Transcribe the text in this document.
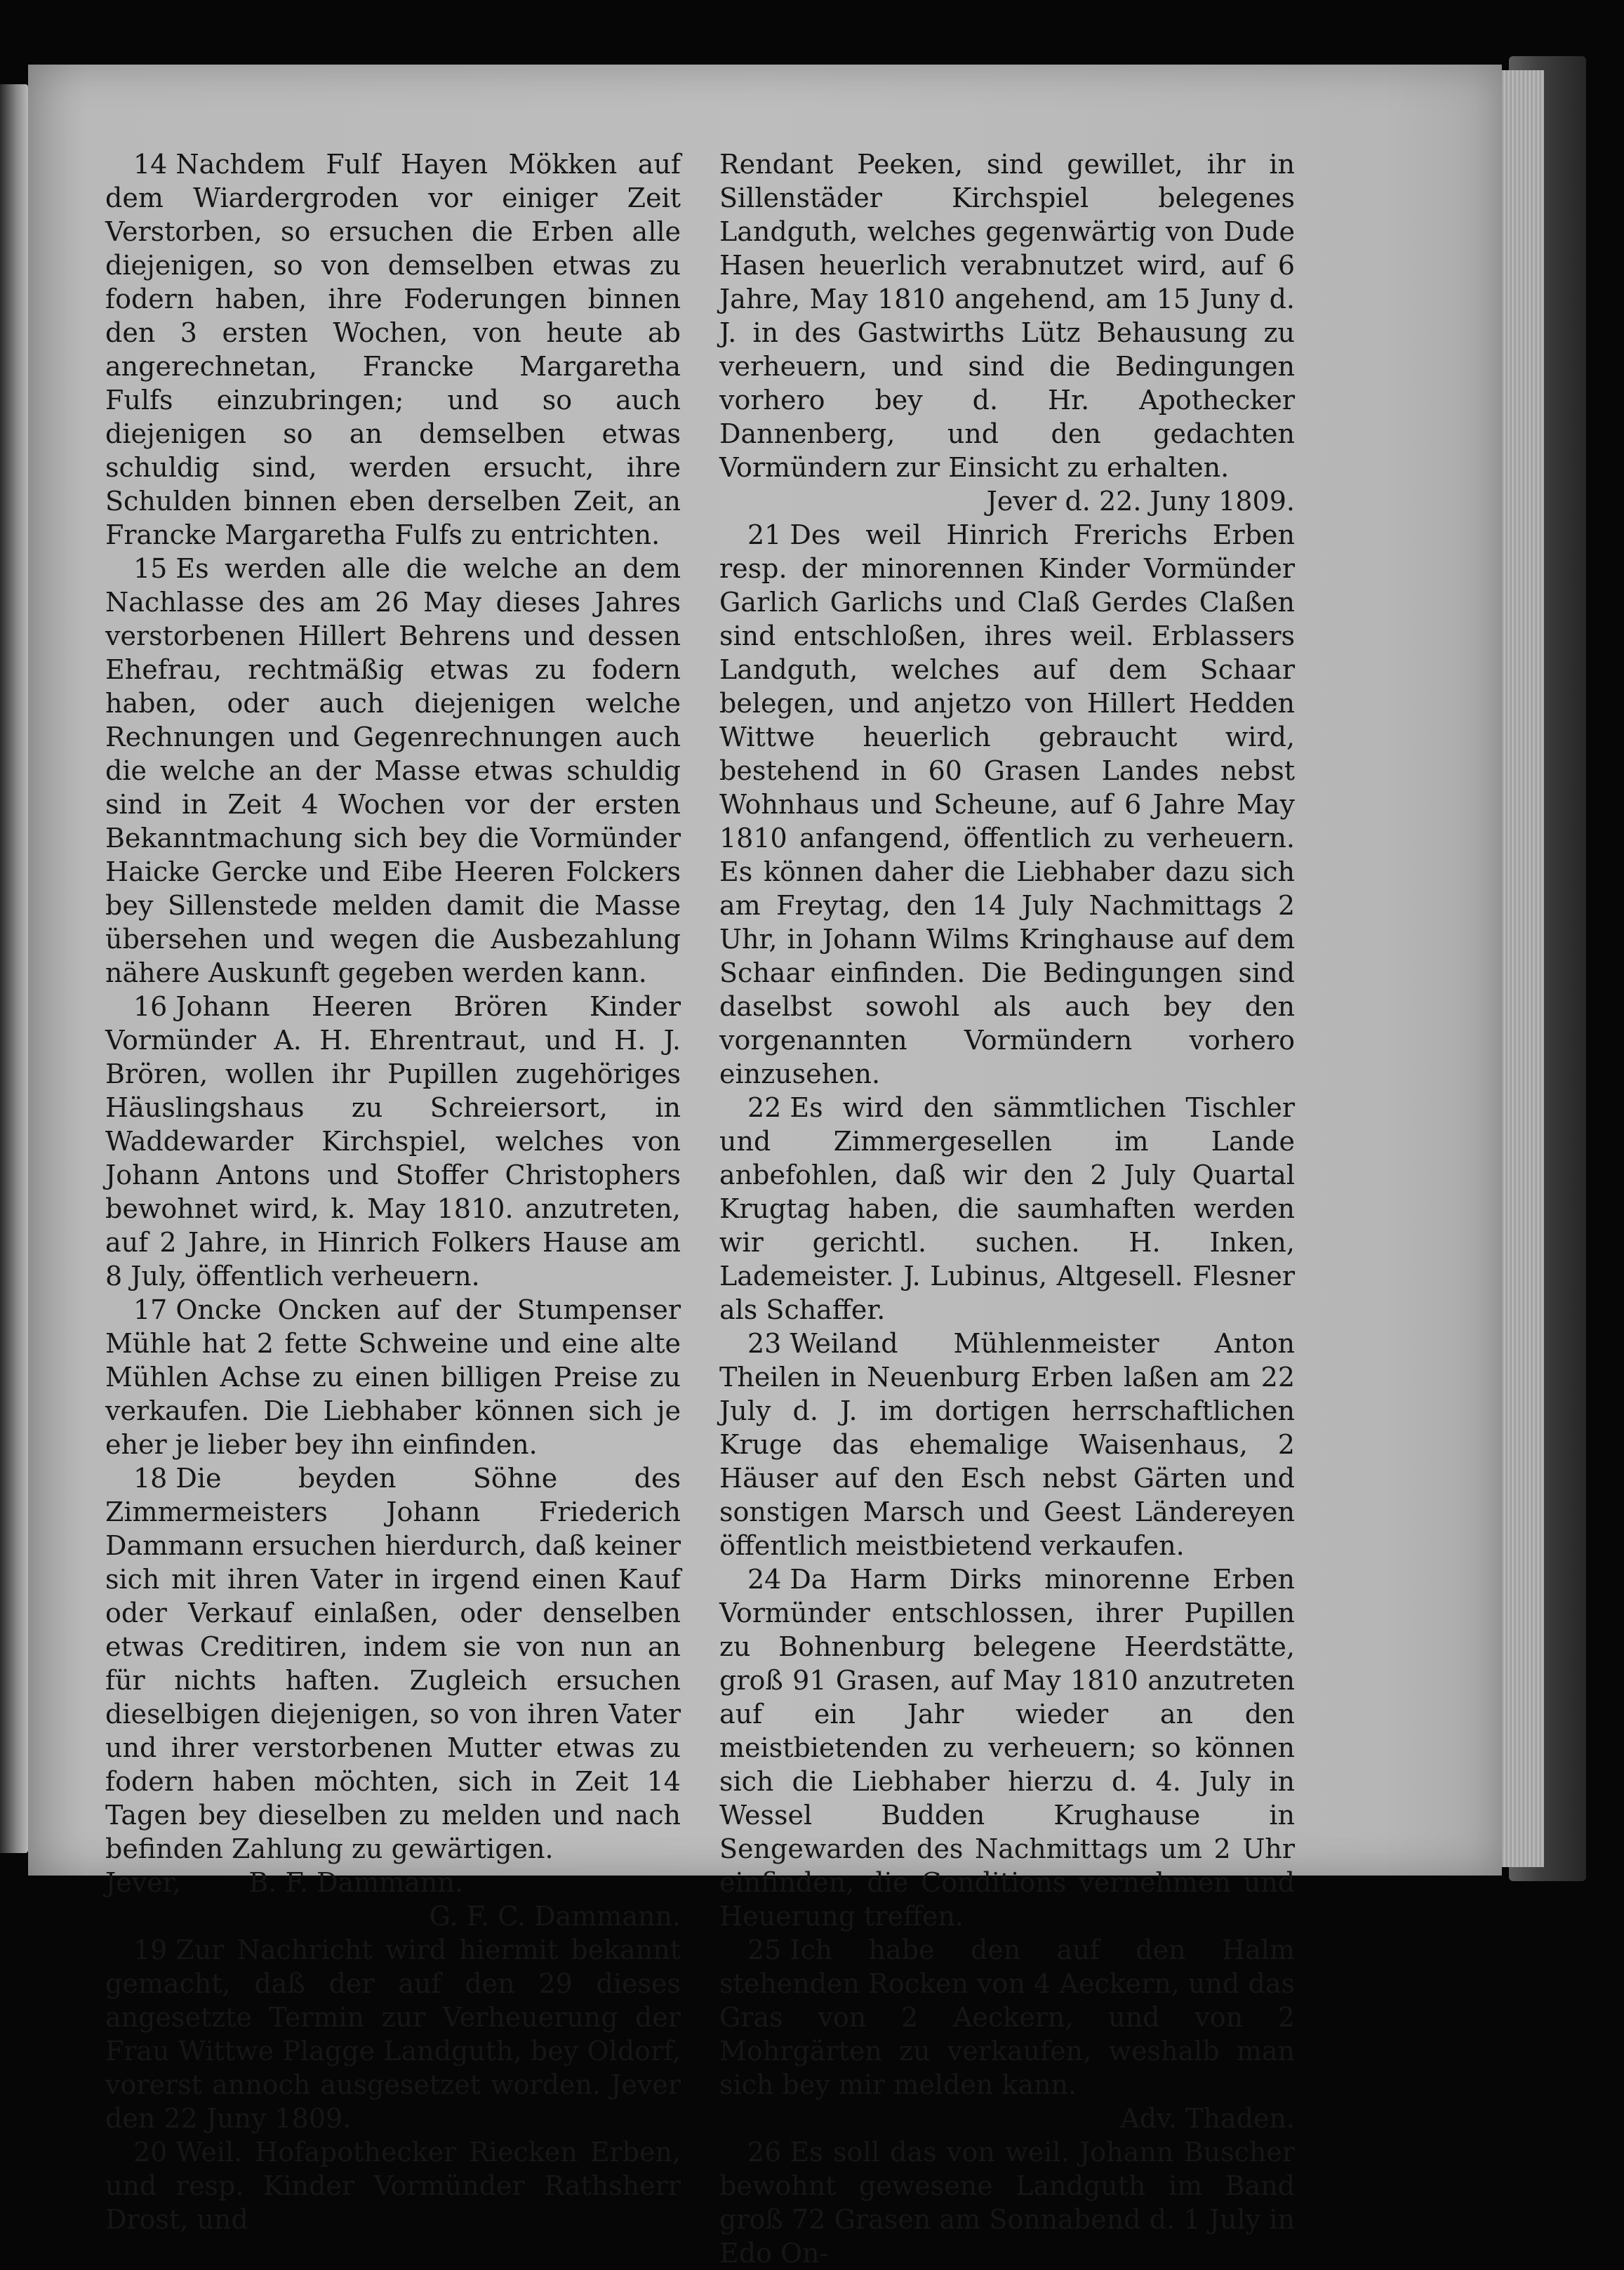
14 Nachdem Fulf Hayen Mökken auf dem Wiardergroden vor einiger Zeit Verstorben, so ersuchen die Erben alle diejenigen, so von demselben etwas zu fodern haben, ihre Foderungen binnen den 3 ersten Wochen, von heute ab angerechnetan, Francke Margaretha Fulfs einzubringen; und so auch diejenigen so an demselben etwas schuldig sind, werden ersucht, ihre Schulden binnen eben derselben Zeit, an Francke Margaretha Fulfs zu entrichten.

15 Es werden alle die welche an dem Nachlasse des am 26 May dieses Jahres verstorbenen Hillert Behrens und dessen Ehefrau, rechtmäßig etwas zu fodern haben, oder auch diejenigen welche Rechnungen und Gegenrechnungen auch die welche an der Masse etwas schuldig sind in Zeit 4 Wochen vor der ersten Bekanntmachung sich bey die Vormünder Haicke Gercke und Eibe Heeren Folckers bey Sillenstede melden damit die Masse übersehen und wegen die Ausbezahlung nähere Auskunft gegeben werden kann.

16 Johann Heeren Brören Kinder Vormünder A. H. Ehrentraut, und H. J. Brören, wollen ihr Pupillen zugehöriges Häuslingshaus zu Schreiersort, in Waddewarder Kirchspiel, welches von Johann Antons und Stoffer Christophers bewohnet wird, k. May 1810. anzutreten, auf 2 Jahre, in Hinrich Folkers Hause am 8 July, öffentlich verheuern.

17 Oncke Oncken auf der Stumpenser Mühle hat 2 fette Schweine und eine alte Mühlen Achse zu einen billigen Preise zu verkaufen. Die Liebhaber können sich je eher je lieber bey ihn einfinden.

18 Die beyden Söhne des Zimmermeisters Johann Friederich Dammann ersuchen hierdurch, daß keiner sich mit ihren Vater in irgend einen Kauf oder Verkauf einlaßen, oder denselben etwas Creditiren, indem sie von nun an für nichts haften. Zugleich ersuchen dieselbigen diejenigen, so von ihren Vater und ihrer verstorbenen Mutter etwas zu fodern haben möchten, sich in Zeit 14 Tagen bey dieselben zu melden und nach befinden Zahlung zu gewärtigen.
Jever,	B. F. Dammann.
G. F. C. Dammann.

19 Zur Nachricht wird hiermit bekannt gemacht, daß der auf den 29 dieses angesetzte Termin zur Verheuerung der Frau Wittwe Plagge Landguth, bey Oldorf, vorerst annoch ausgesetzet worden. Jever den 22 Juny 1809.

20 Weil. Hofapothecker Riecken Erben, und resp. Kinder Vormünder Rathsherr Drost, und

Rendant Peeken, sind gewillet, ihr in Sillenstäder Kirchspiel belegenes Landguth, welches gegenwärtig von Dude Hasen heuerlich verabnutzet wird, auf 6 Jahre, May 1810 angehend, am 15 Juny d. J. in des Gastwirths Lütz Behausung zu verheuern, und sind die Bedingungen vorhero bey d. Hr. Apothecker Dannenberg, und den gedachten Vormündern zur Einsicht zu erhalten.
Jever d. 22. Juny 1809.

21 Des weil Hinrich Frerichs Erben resp. der minorennen Kinder Vormünder Garlich Garlichs und Claß Gerdes Claßen sind entschloßen, ihres weil. Erblassers Landguth, welches auf dem Schaar belegen, und anjetzo von Hillert Hedden Wittwe heuerlich gebraucht wird, bestehend in 60 Grasen Landes nebst Wohnhaus und Scheune, auf 6 Jahre May 1810 anfangend, öffentlich zu verheuern. Es können daher die Liebhaber dazu sich am Freytag, den 14 July Nachmittags 2 Uhr, in Johann Wilms Kringhause auf dem Schaar einfinden. Die Bedingungen sind daselbst sowohl als auch bey den vorgenannten Vormündern vorhero einzusehen.

22 Es wird den sämmtlichen Tischler und Zimmergesellen im Lande anbefohlen, daß wir den 2 July Quartal Krugtag haben, die saumhaften werden wir gerichtl. suchen. H. Inken, Lademeister. J. Lubinus, Altgesell. Flesner als Schaffer.

23 Weiland Mühlenmeister Anton Theilen in Neuenburg Erben laßen am 22 July d. J. im dortigen herrschaftlichen Kruge das ehemalige Waisenhaus, 2 Häuser auf den Esch nebst Gärten und sonstigen Marsch und Geest Ländereyen öffentlich meistbietend verkaufen.

24 Da Harm Dirks minorenne Erben Vormünder entschlossen, ihrer Pupillen zu Bohnenburg belegene Heerdstätte, groß 91 Grasen, auf May 1810 anzutreten auf ein Jahr wieder an den meistbietenden zu verheuern; so können sich die Liebhaber hierzu d. 4. July in Wessel Budden Krughause in Sengewarden des Nachmittags um 2 Uhr einfinden, die Conditions vernehmen und Heuerung treffen.

25 Ich habe den auf den Halm stehenden Rocken von 4 Aeckern, und das Gras von 2 Aeckern, und von 2 Mohrgärten zu verkaufen, weshalb man sich bey mir melden kann.
Adv. Thaden.

26 Es soll das von weil. Johann Buscher bewohnt gewesene Landguth im Band groß 72 Grasen am Sonnabend d. 1 July in Edo On-
